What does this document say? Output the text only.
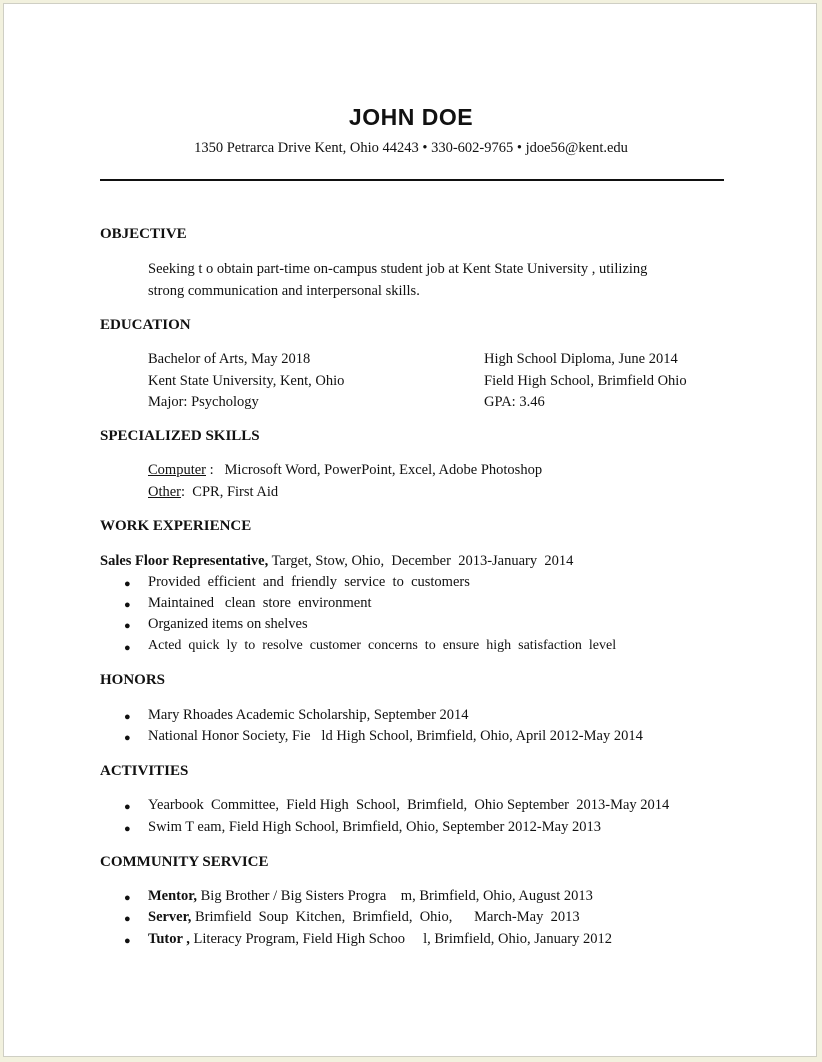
JOHN DOE
1350 Petrarca Drive Kent, Ohio 44243 • 330-602-9765 • jdoe56@kent.edu
OBJECTIVE
Seeking t o obtain part-time on-campus student job at Kent State University , utilizing
strong communication and interpersonal skills.
EDUCATION
Bachelor of Arts, May 2018
Kent State University, Kent, Ohio
Major: Psychology
High School Diploma, June 2014
Field High School, Brimfield Ohio
GPA: 3.46
SPECIALIZED SKILLS
Computer :   Microsoft Word, PowerPoint, Excel, Adobe Photoshop
Other:  CPR, First Aid
WORK EXPERIENCE
Sales Floor Representative, Target, Stow, Ohio,  December  2013-January  2014
● Provided  efficient  and  friendly  service  to  customers
● Maintained   clean  store  environment
● Organized items on shelves
● Acted  quick  ly  to  resolve  customer  concerns  to  ensure  high  satisfaction  level
HONORS
● Mary Rhoades Academic Scholarship, September 2014
● National Honor Society, Fie   ld High School, Brimfield, Ohio, April 2012-May 2014
ACTIVITIES
● Yearbook  Committee,  Field High  School,  Brimfield,  Ohio September  2013-May 2014
● Swim T eam, Field High School, Brimfield, Ohio, September 2012-May 2013
COMMUNITY SERVICE
● Mentor, Big Brother / Big Sisters Progra    m, Brimfield, Ohio, August 2013
● Server, Brimfield  Soup  Kitchen,  Brimfield,  Ohio,      March-May  2013
● Tutor , Literacy Program, Field High Schoo     l, Brimfield, Ohio, January 2012
